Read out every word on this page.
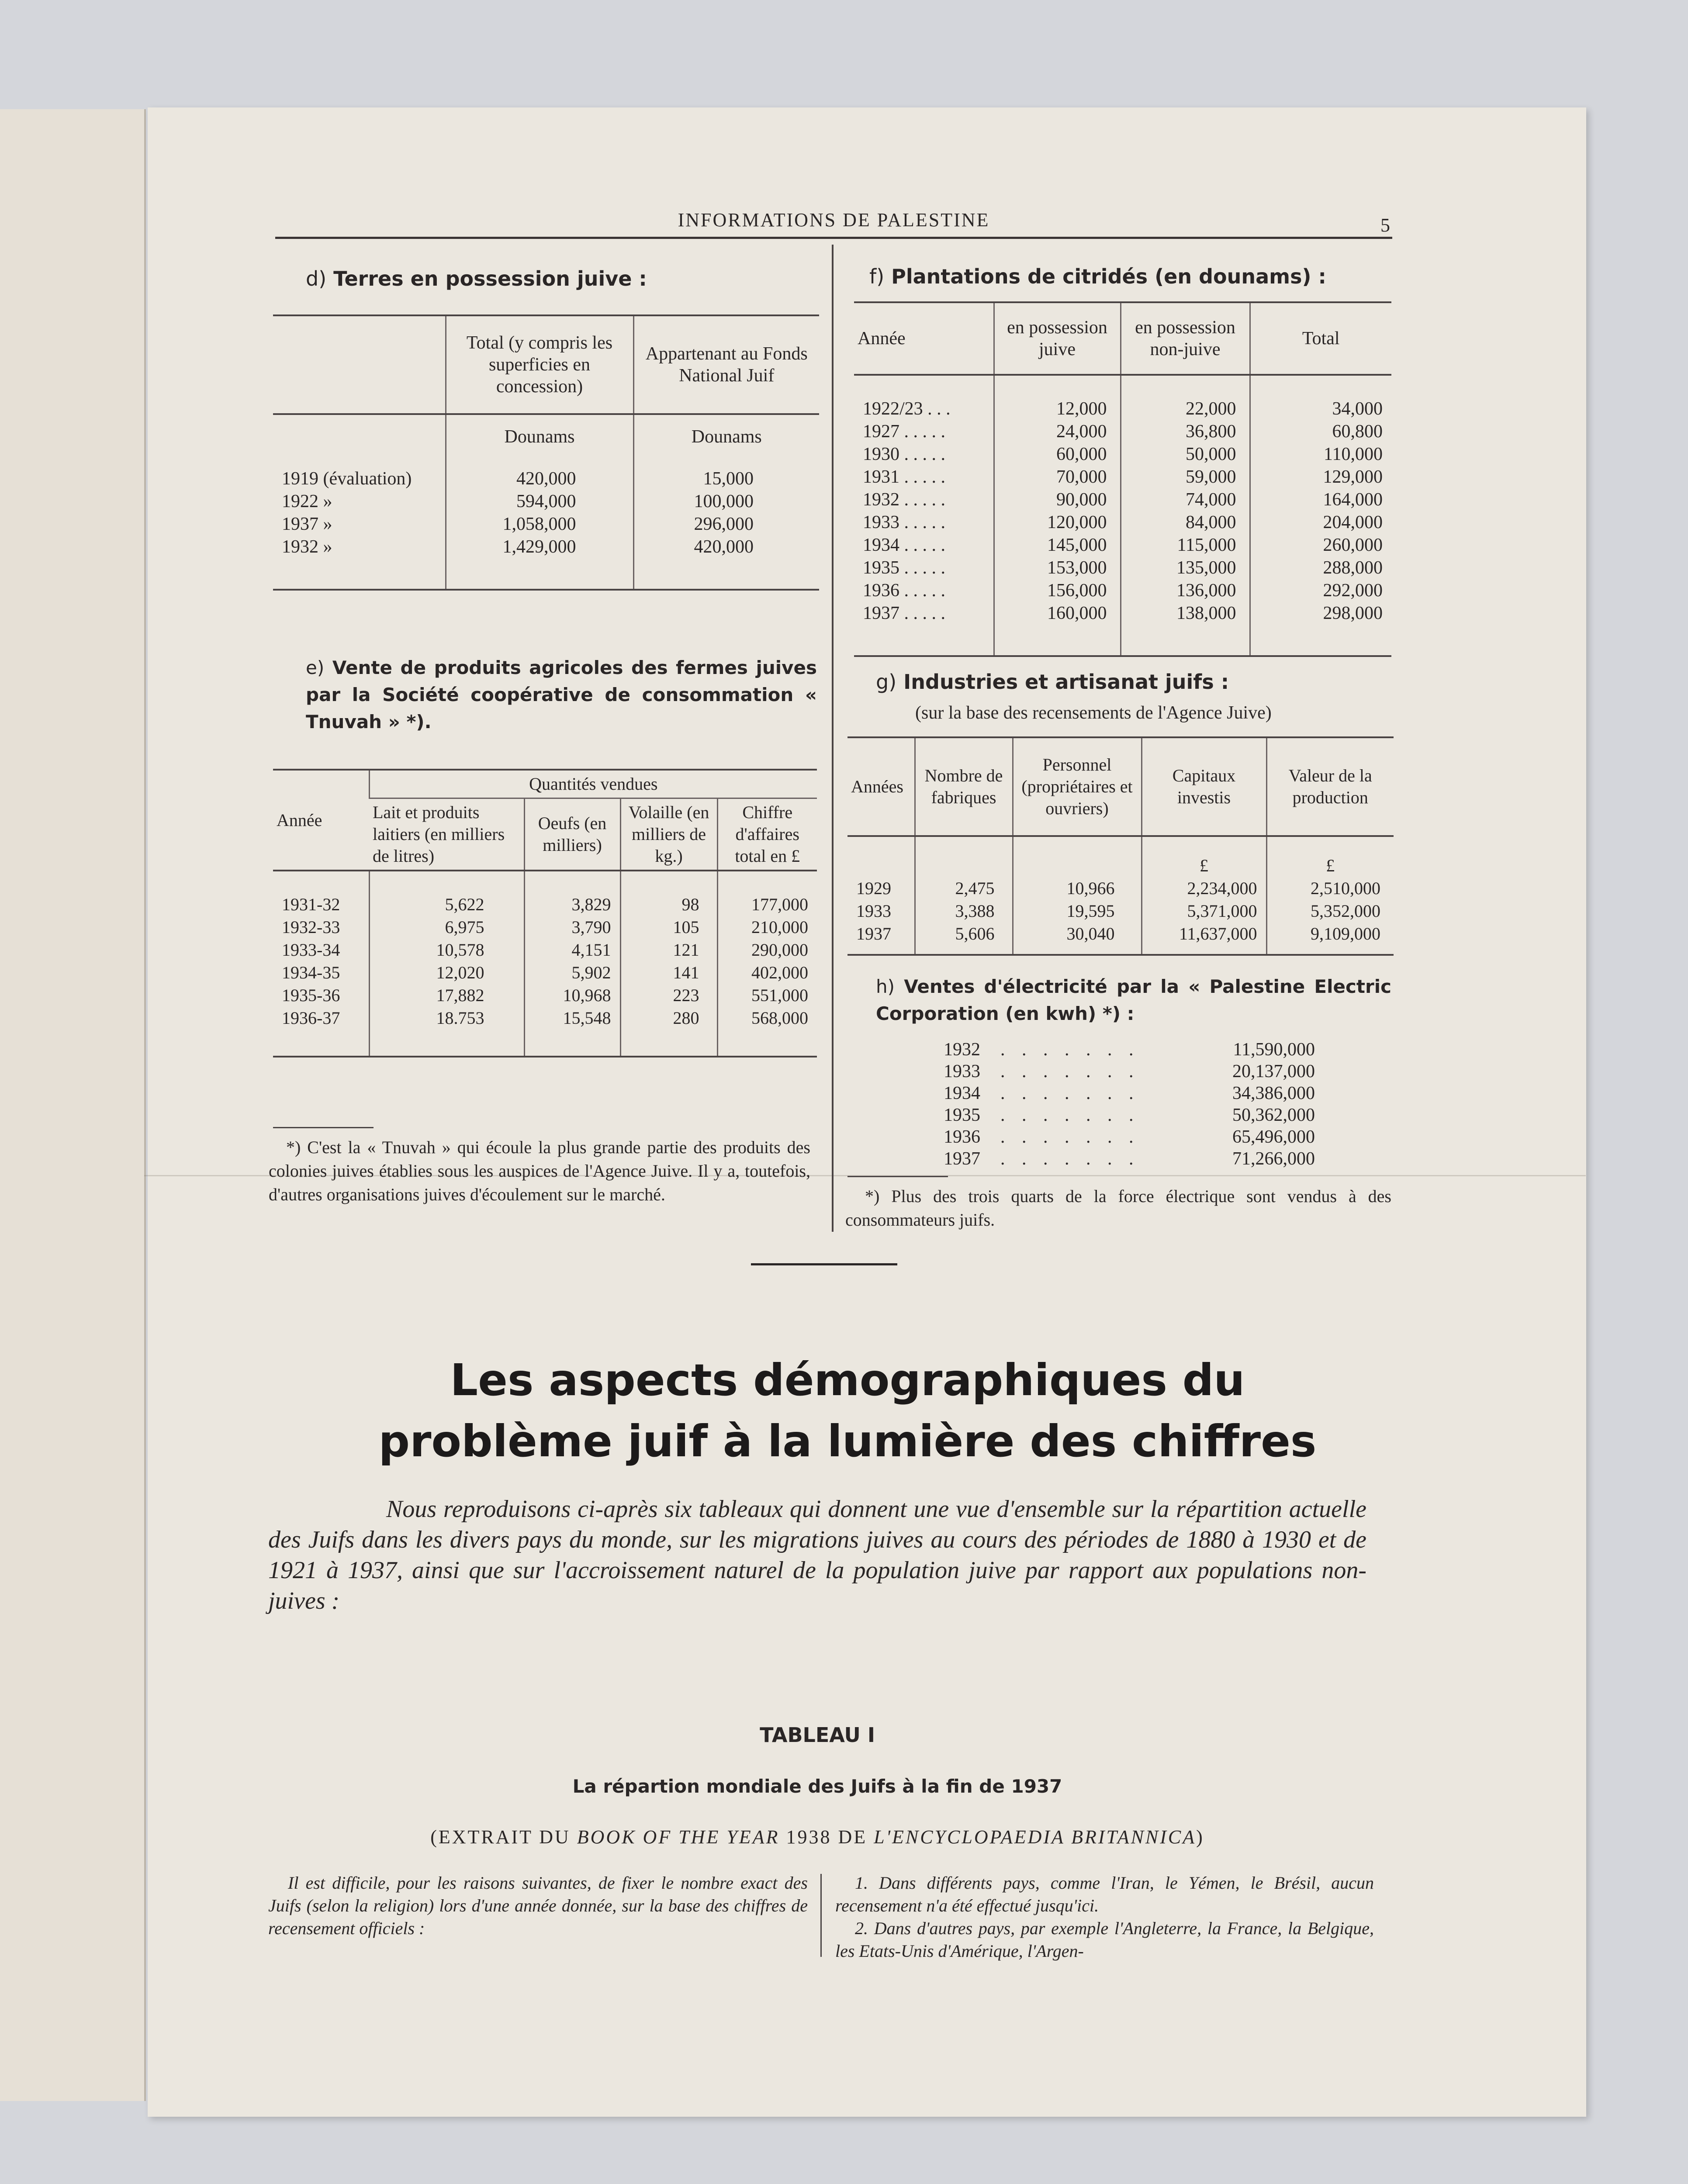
INFORMATIONS DE PALESTINE	5
d) Terres en possession juive :
	Total (y compris les superficies en concession)	Appartenant au Fonds National Juif

	Dounams	Dounams

1919 (évaluation)	420,000	15,000
1922 »	594,000	100,000
1937 »	1,058,000	296,000
1932 »	1,429,000	420,000

e) Vente de produits agricoles des fermes juives par la Société coopérative de consommation « Tnuvah » *).
Année	Quantités vendues			
	Lait et produits laitiers (en milliers de litres)	Oeufs (en milliers)	Volaille (en milliers de kg.)	Chiffre d'affaires total en £

1931-32	5,622	3,829	98	177,000
1932-33	6,975	3,790	105	210,000
1933-34	10,578	4,151	121	290,000
1934-35	12,020	5,902	141	402,000
1935-36	17,882	10,968	223	551,000
1936-37	18.753	15,548	280	568,000

*) C'est la « Tnuvah » qui écoule la plus grande partie des produits des colonies juives établies sous les auspices de l'Agence Juive. Il y a, toutefois, d'autres organisations juives d'écoulement sur le marché.
f) Plantations de citridés (en dounams) :
Année	en possession juive	en possession non-juive	Total

1922/23 . . .	12,000	22,000	34,000
1927 . . . . .	24,000	36,800	60,800
1930 . . . . .	60,000	50,000	110,000
1931 . . . . .	70,000	59,000	129,000
1932 . . . . .	90,000	74,000	164,000
1933 . . . . .	120,000	84,000	204,000
1934 . . . . .	145,000	115,000	260,000
1935 . . . . .	153,000	135,000	288,000
1936 . . . . .	156,000	136,000	292,000
1937 . . . . .	160,000	138,000	298,000

g) Industries et artisanat juifs :
(sur la base des recensements de l'Agence Juive)
Années	Nombre de fabriques	Personnel (propriétaires et ouvriers)	Capitaux investis	Valeur de la production

			£	£
1929	2,475	10,966	2,234,000	2,510,000
1933	3,388	19,595	5,371,000	5,352,000
1937	5,606	30,040	11,637,000	9,109,000

h) Ventes d'électricité par la « Palestine Electric Corporation (en kwh) *) :
1932	. . . . . . .	11,590,000
1933	. . . . . . .	20,137,000
1934	. . . . . . .	34,386,000
1935	. . . . . . .	50,362,000
1936	. . . . . . .	65,496,000
1937	. . . . . . .	71,266,000
*) Plus des trois quarts de la force électrique sont vendus à des consommateurs juifs.
Les aspects démographiques du
problème juif à la lumière des chiffres
Nous reproduisons ci-après six tableaux qui donnent une vue d'ensemble sur la répartition actuelle des Juifs dans les divers pays du monde, sur les migrations juives au cours des périodes de 1880 à 1930 et de 1921 à 1937, ainsi que sur l'accroissement naturel de la population juive par rapport aux populations non-juives :
TABLEAU I
La répartion mondiale des Juifs à la fin de 1937
(EXTRAIT DU BOOK OF THE YEAR 1938 DE L'ENCYCLOPAEDIA BRITANNICA)
Il est difficile, pour les raisons suivantes, de fixer le nombre exact des Juifs (selon la religion) lors d'une année donnée, sur la base des chiffres de recensement officiels :
1. Dans différents pays, comme l'Iran, le Yémen, le Brésil, aucun recensement n'a été effectué jusqu'ici.
2. Dans d'autres pays, par exemple l'Angleterre, la France, la Belgique, les Etats-Unis d'Amérique, l'Argen-
